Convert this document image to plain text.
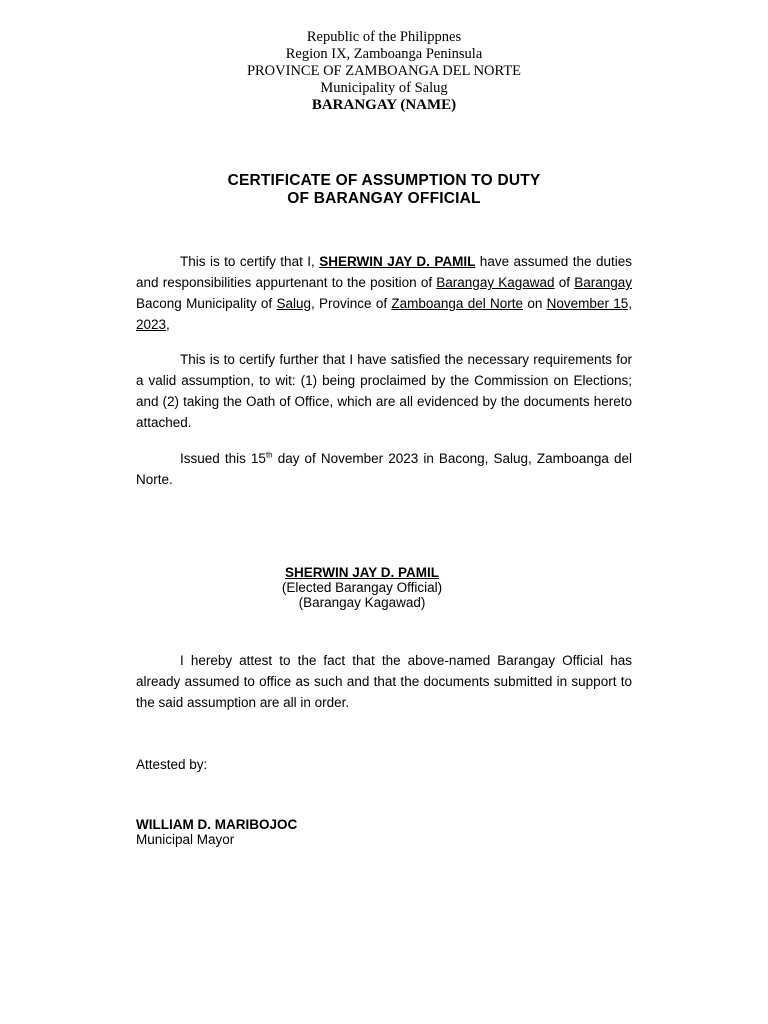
Republic of the Philippnes
Region IX, Zamboanga Peninsula
PROVINCE OF ZAMBOANGA DEL NORTE
Municipality of Salug
BARANGAY (NAME)
CERTIFICATE OF ASSUMPTION TO DUTY
OF BARANGAY OFFICIAL
This is to certify that I, SHERWIN JAY D. PAMIL have assumed the duties and responsibilities appurtenant to the position of Barangay Kagawad of Barangay Bacong Municipality of Salug, Province of Zamboanga del Norte on November 15, 2023,
This is to certify further that I have satisfied the necessary requirements for a valid assumption, to wit: (1) being proclaimed by the Commission on Elections; and (2) taking the Oath of Office, which are all evidenced by the documents hereto attached.
Issued this 15th day of November 2023 in Bacong, Salug, Zamboanga del Norte.
SHERWIN JAY D. PAMIL
(Elected Barangay Official)
(Barangay Kagawad)
I hereby attest to the fact that the above-named Barangay Official has already assumed to office as such and that the documents submitted in support to the said assumption are all in order.
Attested by:
WILLIAM D. MARIBOJOC
Municipal Mayor
